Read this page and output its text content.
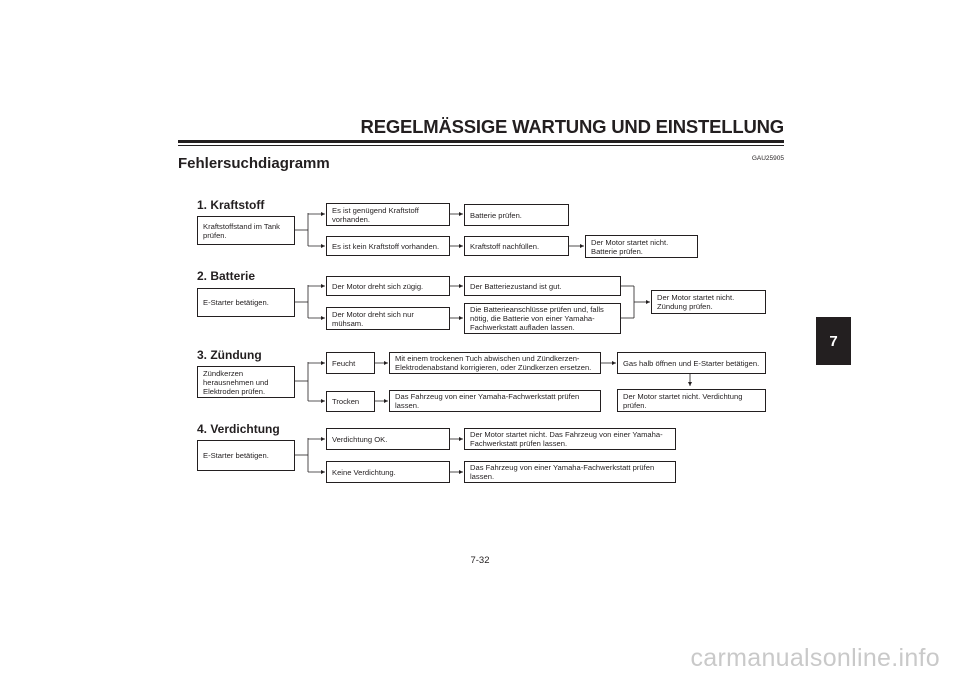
REGELMÄSSIGE WARTUNG UND EINSTELLUNG
Fehlersuchdiagramm	GAU25905
7
1. Kraftstoff
Kraftstoffstand im Tank
prüfen.
Es ist genügend Kraftstoff
vorhanden.
Es ist kein Kraftstoff vorhanden.
Batterie prüfen.
Kraftstoff nachfüllen.	Der Motor startet nicht.
Batterie prüfen.
2. Batterie
E-Starter betätigen.
Der Motor dreht sich zügig.
Der Motor dreht sich nur
mühsam.
Der Batteriezustand ist gut.
Die Batterieanschlüsse prüfen und, falls
nötig, die Batterie von einer Yamaha-
Fachwerkstatt aufladen lassen.
Der Motor startet nicht.
Zündung prüfen.
3. Zündung
Zündkerzen
herausnehmen und
Elektroden prüfen.
Feucht
Trocken
Mit einem trockenen Tuch abwischen und Zündkerzen-
Elektrodenabstand korrigieren, oder Zündkerzen ersetzen.
Das Fahrzeug von einer Yamaha-Fachwerkstatt prüfen
lassen.
Gas halb öffnen und E-Starter betätigen.
Der Motor startet nicht. Verdichtung
prüfen.
4. Verdichtung
E-Starter betätigen.
Verdichtung OK.
Keine Verdichtung.
Der Motor startet nicht. Das Fahrzeug von einer Yamaha-
Fachwerkstatt prüfen lassen.
Das Fahrzeug von einer Yamaha-Fachwerkstatt prüfen
lassen.
7-32
carmanualsonline.info
